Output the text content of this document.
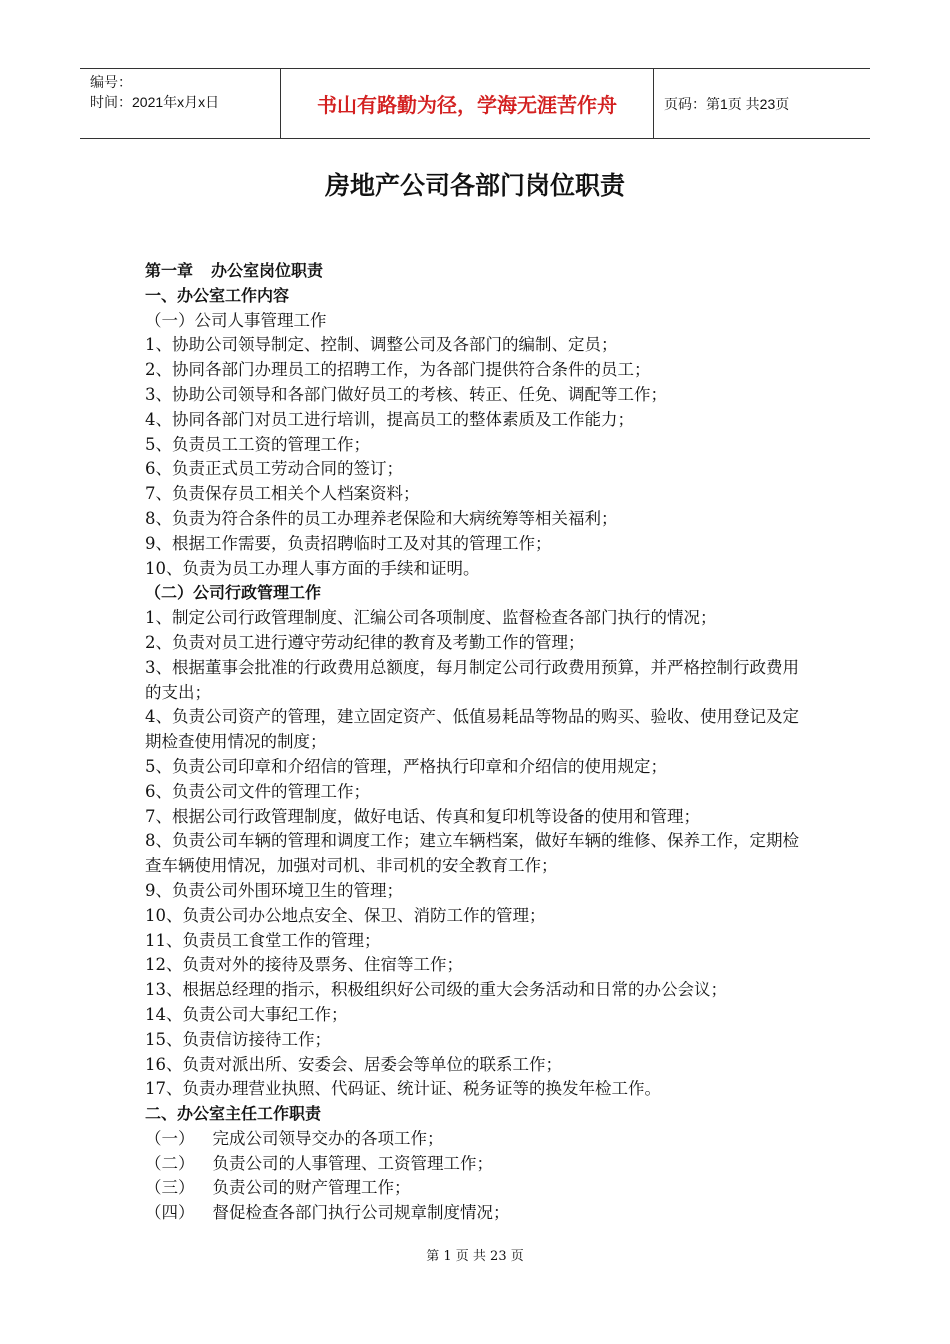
编号：
时间：2021年x月x日	书山有路勤为径，学海无涯苦作舟	页码：第1页 共23页
房地产公司各部门岗位职责
第一章 办公室岗位职责
一、办公室工作内容
（一）公司人事管理工作
1、协助公司领导制定、控制、调整公司及各部门的编制、定员；
2、协同各部门办理员工的招聘工作，为各部门提供符合条件的员工；
3、协助公司领导和各部门做好员工的考核、转正、任免、调配等工作；
4、协同各部门对员工进行培训，提高员工的整体素质及工作能力；
5、负责员工工资的管理工作；
6、负责正式员工劳动合同的签订；
7、负责保存员工相关个人档案资料；
8、负责为符合条件的员工办理养老保险和大病统筹等相关福利；
9、根据工作需要，负责招聘临时工及对其的管理工作；
10、负责为员工办理人事方面的手续和证明。
（二）公司行政管理工作
1、制定公司行政管理制度、汇编公司各项制度、监督检查各部门执行的情况；
2、负责对员工进行遵守劳动纪律的教育及考勤工作的管理；
3、根据董事会批准的行政费用总额度，每月制定公司行政费用预算，并严格控制行政费用的支出；
4、负责公司资产的管理，建立固定资产、低值易耗品等物品的购买、验收、使用登记及定期检查使用情况的制度；
5、负责公司印章和介绍信的管理，严格执行印章和介绍信的使用规定；
6、负责公司文件的管理工作；
7、根据公司行政管理制度，做好电话、传真和复印机等设备的使用和管理；
8、负责公司车辆的管理和调度工作；建立车辆档案，做好车辆的维修、保养工作，定期检查车辆使用情况，加强对司机、非司机的安全教育工作；
9、负责公司外围环境卫生的管理；
10、负责公司办公地点安全、保卫、消防工作的管理；
11、负责员工食堂工作的管理；
12、负责对外的接待及票务、住宿等工作；
13、根据总经理的指示，积极组织好公司级的重大会务活动和日常的办公会议；
14、负责公司大事纪工作；
15、负责信访接待工作；
16、负责对派出所、安委会、居委会等单位的联系工作；
17、负责办理营业执照、代码证、统计证、税务证等的换发年检工作。
二、办公室主任工作职责
（一） 完成公司领导交办的各项工作；
（二） 负责公司的人事管理、工资管理工作；
（三） 负责公司的财产管理工作；
（四） 督促检查各部门执行公司规章制度情况；
第 1 页 共 23 页
